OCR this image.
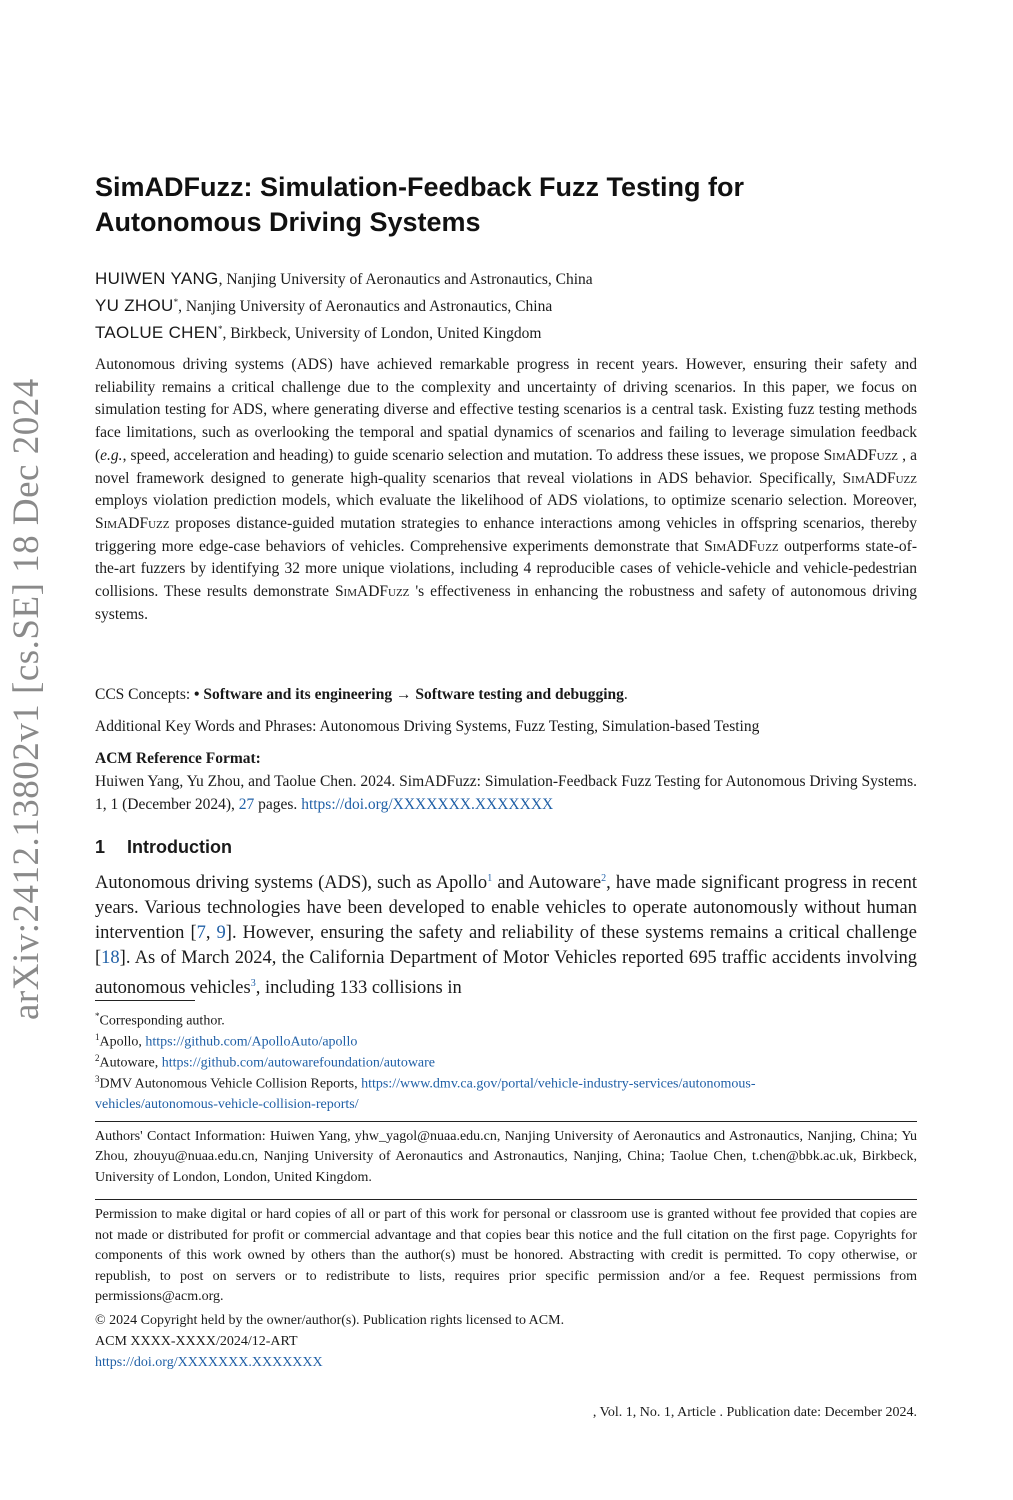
arXiv:2412.13802v1 [cs.SE] 18 Dec 2024
SimADFuzz: Simulation-Feedback Fuzz Testing for Autonomous Driving Systems
HUIWEN YANG, Nanjing University of Aeronautics and Astronautics, China
YU ZHOU*, Nanjing University of Aeronautics and Astronautics, China
TAOLUE CHEN*, Birkbeck, University of London, United Kingdom
Autonomous driving systems (ADS) have achieved remarkable progress in recent years. However, ensuring their safety and reliability remains a critical challenge due to the complexity and uncertainty of driving scenarios. In this paper, we focus on simulation testing for ADS, where generating diverse and effective testing scenarios is a central task. Existing fuzz testing methods face limitations, such as overlooking the temporal and spatial dynamics of scenarios and failing to leverage simulation feedback (e.g., speed, acceleration and heading) to guide scenario selection and mutation. To address these issues, we propose SimADFuzz , a novel framework designed to generate high-quality scenarios that reveal violations in ADS behavior. Specifically, SimADFuzz employs violation prediction models, which evaluate the likelihood of ADS violations, to optimize scenario selection. Moreover, SimADFuzz proposes distance-guided mutation strategies to enhance interactions among vehicles in offspring scenarios, thereby triggering more edge-case behaviors of vehicles. Comprehensive experiments demonstrate that SimADFuzz outperforms state-of-the-art fuzzers by identifying 32 more unique violations, including 4 reproducible cases of vehicle-vehicle and vehicle-pedestrian collisions. These results demonstrate SimADFuzz 's effectiveness in enhancing the robustness and safety of autonomous driving systems.
CCS Concepts: • Software and its engineering → Software testing and debugging.
Additional Key Words and Phrases: Autonomous Driving Systems, Fuzz Testing, Simulation-based Testing
ACM Reference Format:
Huiwen Yang, Yu Zhou, and Taolue Chen. 2024. SimADFuzz: Simulation-Feedback Fuzz Testing for Autonomous Driving Systems. 1, 1 (December 2024), 27 pages. https://doi.org/XXXXXXX.XXXXXXX
1 Introduction
Autonomous driving systems (ADS), such as Apollo$^1$ and Autoware$^2$, have made significant progress in recent years. Various technologies have been developed to enable vehicles to operate autonomously without human intervention [7, 9]. However, ensuring the safety and reliability of these systems remains a critical challenge [18]. As of March 2024, the California Department of Motor Vehicles reported 695 traffic accidents involving autonomous vehicles$^3$, including 133 collisions in
*Corresponding author.
$^1$Apollo, https://github.com/ApolloAuto/apollo
$^2$Autoware, https://github.com/autowarefoundation/autoware
$^3$DMV Autonomous Vehicle Collision Reports, https://www.dmv.ca.gov/portal/vehicle-industry-services/autonomous-
vehicles/autonomous-vehicle-collision-reports/
Authors' Contact Information: Huiwen Yang, yhw_yagol@nuaa.edu.cn, Nanjing University of Aeronautics and Astronautics, Nanjing, China; Yu Zhou, zhouyu@nuaa.edu.cn, Nanjing University of Aeronautics and Astronautics, Nanjing, China; Taolue Chen, t.chen@bbk.ac.uk, Birkbeck, University of London, London, United Kingdom.
Permission to make digital or hard copies of all or part of this work for personal or classroom use is granted without fee provided that copies are not made or distributed for profit or commercial advantage and that copies bear this notice and the full citation on the first page. Copyrights for components of this work owned by others than the author(s) must be honored. Abstracting with credit is permitted. To copy otherwise, or republish, to post on servers or to redistribute to lists, requires prior specific permission and/or a fee. Request permissions from permissions@acm.org.
© 2024 Copyright held by the owner/author(s). Publication rights licensed to ACM.
ACM XXXX-XXXX/2024/12-ART
https://doi.org/XXXXXXX.XXXXXXX
, Vol. 1, No. 1, Article . Publication date: December 2024.
